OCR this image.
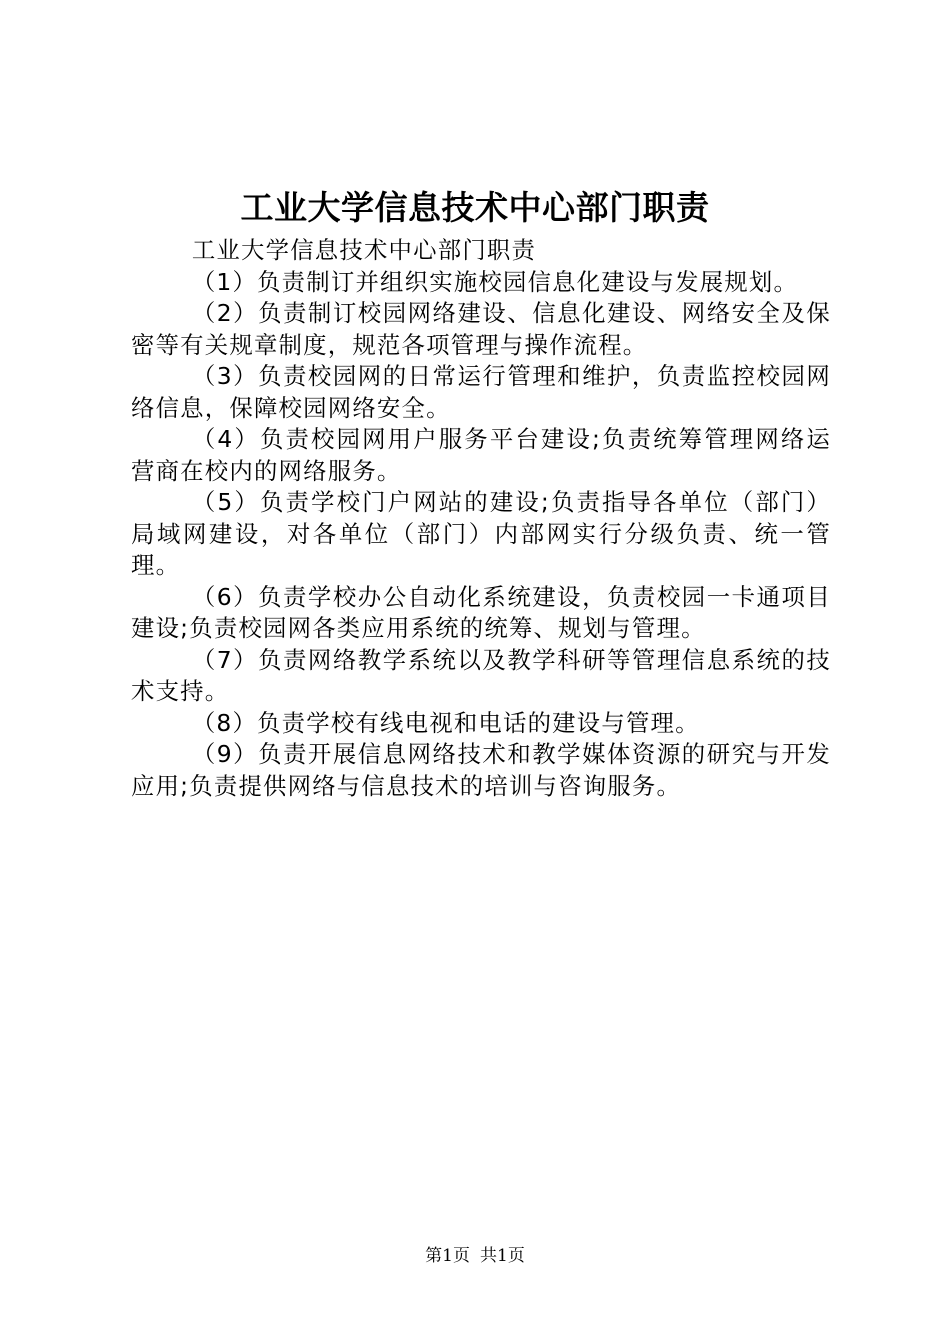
工业大学信息技术中心部门职责

工业大学信息技术中心部门职责

（1）负责制订并组织实施校园信息化建设与发展规划。

（2）负责制订校园网络建设、信息化建设、网络安全及保密等有关规章制度，规范各项管理与操作流程。

（3）负责校园网的日常运行管理和维护，负责监控校园网络信息，保障校园网络安全。

（4）负责校园网用户服务平台建设;负责统筹管理网络运营商在校内的网络服务。

（5）负责学校门户网站的建设;负责指导各单位（部门）局域网建设，对各单位（部门）内部网实行分级负责、统一管理。

（6）负责学校办公自动化系统建设，负责校园一卡通项目建设;负责校园网各类应用系统的统筹、规划与管理。

（7）负责网络教学系统以及教学科研等管理信息系统的技术支持。

（8）负责学校有线电视和电话的建设与管理。

（9）负责开展信息网络技术和教学媒体资源的研究与开发应用;负责提供网络与信息技术的培训与咨询服务。

第1页 共1页
